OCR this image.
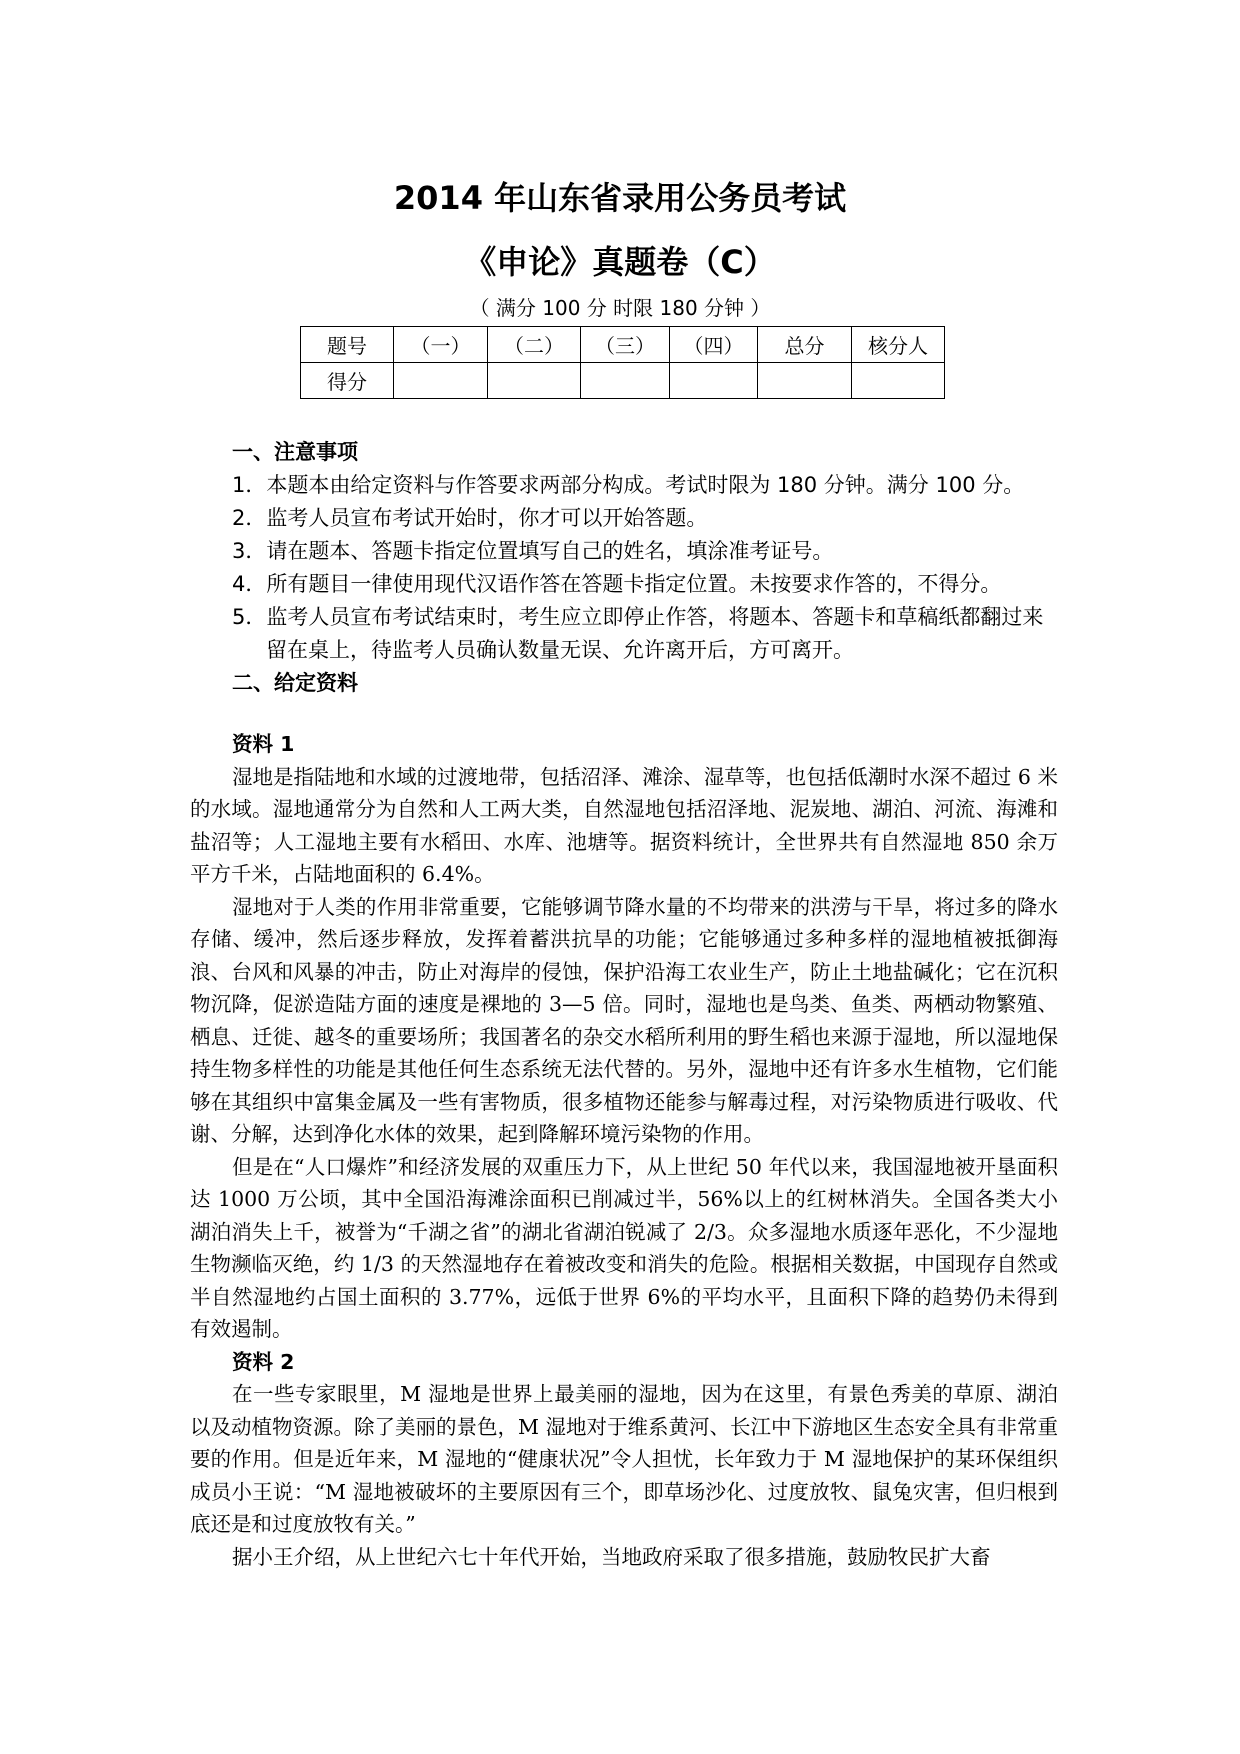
2014 年山东省录用公务员考试
《申论》真题卷（C）
（ 满分 100 分 时限 180 分钟 ）
题号	（一）	（二）	（三）	（四）	总分	核分人
得分						
一、注意事项
1．本题本由给定资料与作答要求两部分构成。考试时限为 180 分钟。满分 100 分。
2．监考人员宣布考试开始时，你才可以开始答题。
3．请在题本、答题卡指定位置填写自己的姓名，填涂准考证号。
4．所有题目一律使用现代汉语作答在答题卡指定位置。未按要求作答的，不得分。
5．监考人员宣布考试结束时，考生应立即停止作答，将题本、答题卡和草稿纸都翻过来留在桌上，待监考人员确认数量无误、允许离开后，方可离开。
二、给定资料
资料 1

湿地是指陆地和水域的过渡地带，包括沼泽、滩涂、湿草等，也包括低潮时水深不超过 6 米的水域。湿地通常分为自然和人工两大类，自然湿地包括沼泽地、泥炭地、湖泊、河流、海滩和盐沼等；人工湿地主要有水稻田、水库、池塘等。据资料统计，全世界共有自然湿地 850 余万平方千米，占陆地面积的 6.4%。

湿地对于人类的作用非常重要，它能够调节降水量的不均带来的洪涝与干旱，将过多的降水存储、缓冲，然后逐步释放，发挥着蓄洪抗旱的功能；它能够通过多种多样的湿地植被抵御海浪、台风和风暴的冲击，防止对海岸的侵蚀，保护沿海工农业生产，防止土地盐碱化；它在沉积物沉降，促淤造陆方面的速度是裸地的 3—5 倍。同时，湿地也是鸟类、鱼类、两栖动物繁殖、栖息、迁徙、越冬的重要场所；我国著名的杂交水稻所利用的野生稻也来源于湿地，所以湿地保持生物多样性的功能是其他任何生态系统无法代替的。另外，湿地中还有许多水生植物，它们能够在其组织中富集金属及一些有害物质，很多植物还能参与解毒过程，对污染物质进行吸收、代谢、分解，达到净化水体的效果，起到降解环境污染物的作用。

但是在“人口爆炸”和经济发展的双重压力下，从上世纪 50 年代以来，我国湿地被开垦面积达 1000 万公顷，其中全国沿海滩涂面积已削减过半，56%以上的红树林消失。全国各类大小湖泊消失上千，被誉为“千湖之省”的湖北省湖泊锐减了 2/3。众多湿地水质逐年恶化，不少湿地生物濒临灭绝，约 1/3 的天然湿地存在着被改变和消失的危险。根据相关数据，中国现存自然或半自然湿地约占国土面积的 3.77%，远低于世界 6%的平均水平，且面积下降的趋势仍未得到有效遏制。

资料 2

在一些专家眼里，M 湿地是世界上最美丽的湿地，因为在这里，有景色秀美的草原、湖泊以及动植物资源。除了美丽的景色，M 湿地对于维系黄河、长江中下游地区生态安全具有非常重要的作用。但是近年来，M 湿地的“健康状况”令人担忧，长年致力于 M 湿地保护的某环保组织成员小王说：“M 湿地被破坏的主要原因有三个，即草场沙化、过度放牧、鼠兔灾害，但归根到底还是和过度放牧有关。”

据小王介绍，从上世纪六七十年代开始，当地政府采取了很多措施，鼓励牧民扩大畜
